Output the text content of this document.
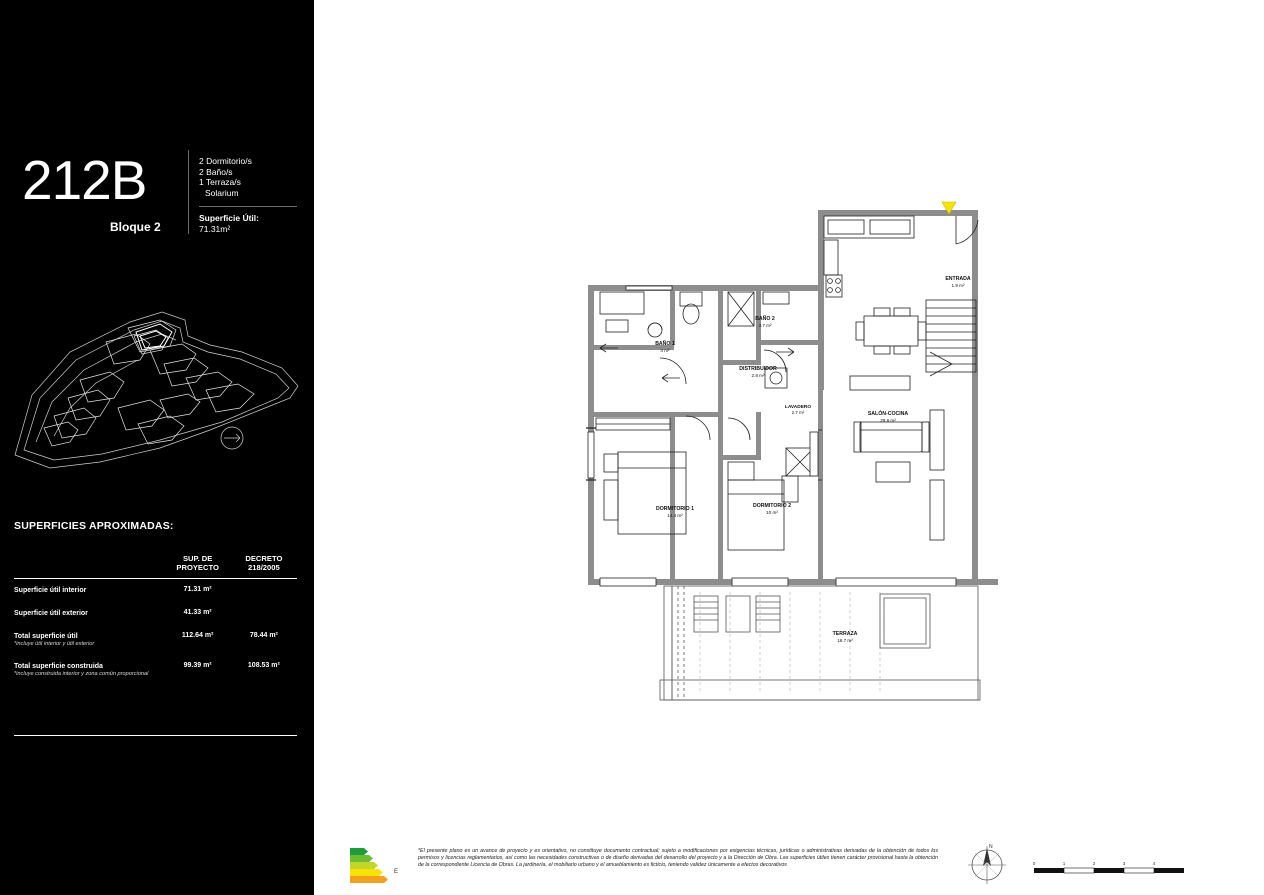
212B
Bloque 2
2 Dormitorio/s
2 Baño/s
1 Terraza/s
Solarium
Superficie Útil:
71.31m²
SUPERFICIES APROXIMADAS:
	SUP. DE
PROYECTO	DECRETO
218/2005
Superficie útil interior	71.31 m²	
Superficie útil exterior	41.33 m²	
Total superficie útil
*incluye útil interior y útil exterior	112.64 m²	78.44 m²
Total superficie construida
*incluye construida interior y zona común proporcional	99.39 m²	108.53 m²
ENTRADA
1.9 m²
BAÑO 2
3.7 m²
BAÑO 1
4 m²
DISTRIBUIDOR
2.8 m²
LAVADERO
2.7 m²	SALÓN-COCINA
29.8 m²
DORMITORIO 1
14.4 m²
DORMITORIO 2
10 m²
TERRAZA
16.7 m²
E
*El presente plano es un avance de proyecto y es orientativo, no constituye documento contractual; sujeto a modificaciones por exigencias técnicas, jurídicas o administrativas derivadas de la obtención de todos los permisos y licencias reglamentarios, así como las necesidades constructivas o de diseño derivadas del desarrollo del proyecto y a la Dirección de Obra. Las superficies útiles tienen carácter provisional hasta la obtención de la correspondiente Licencia de Obras. La jardinería, el mobiliario urbano y el amueblamiento es ficticio, teniendo validez únicamente a efectos decorativos
N
0	1	2	3	4
